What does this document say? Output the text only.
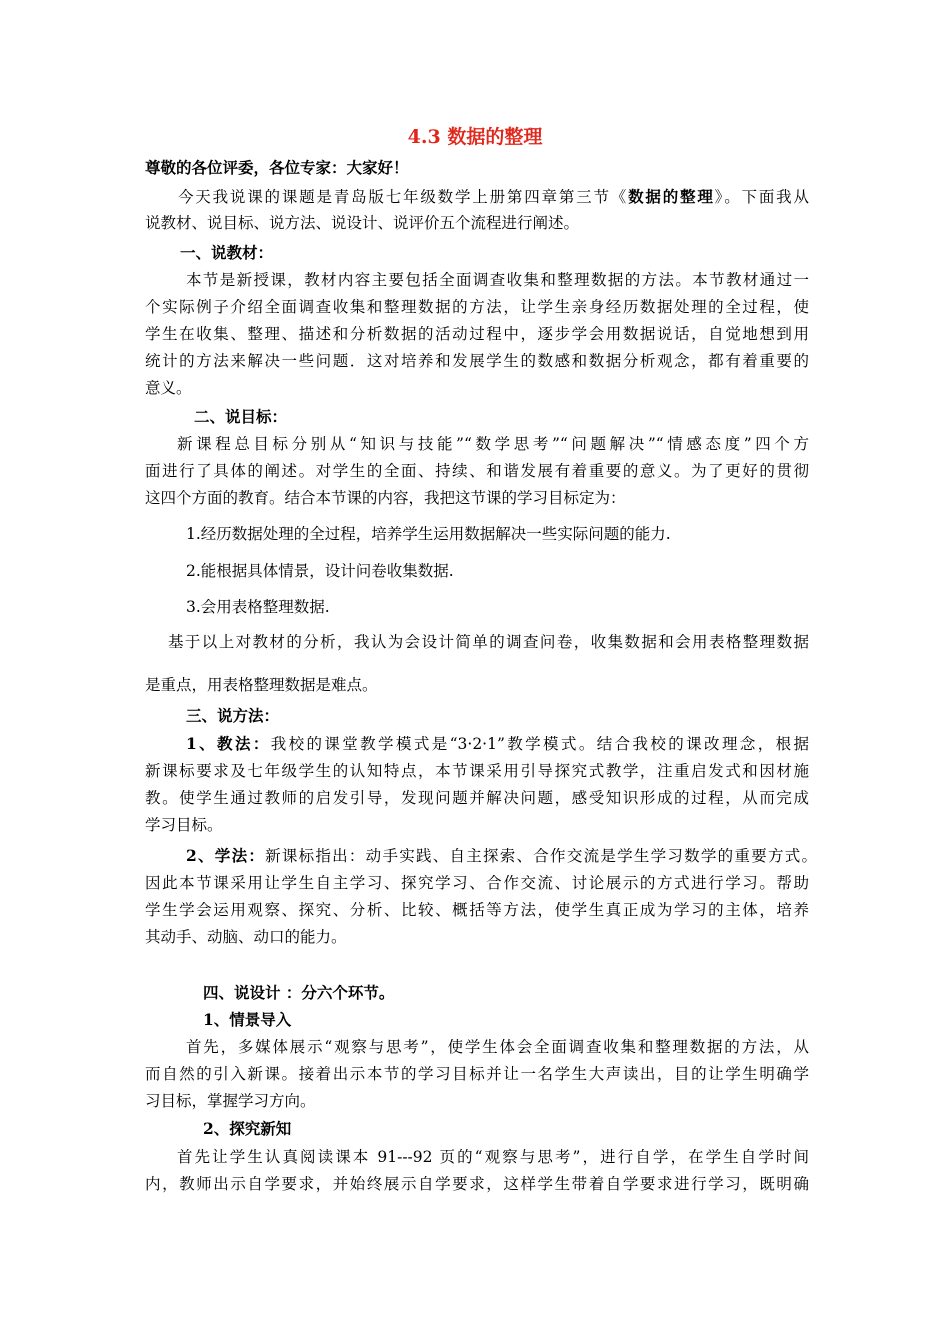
4.3 数据的整理
尊敬的各位评委，各位专家：大家好！
今天我说课的课题是青岛版七年级数学上册第四章第三节《数据的整理》。下面我从
说教材、说目标、说方法、说设计、说评价五个流程进行阐述。
一、说教材：
本节是新授课，教材内容主要包括全面调查收集和整理数据的方法。本节教材通过一
个实际例子介绍全面调查收集和整理数据的方法，让学生亲身经历数据处理的全过程，使
学生在收集、整理、描述和分析数据的活动过程中，逐步学会用数据说话，自觉地想到用
统计的方法来解决一些问题．这对培养和发展学生的数感和数据分析观念，都有着重要的
意义。
二、说目标：
新课程总目标分别从“知识与技能”“数学思考”“问题解决”“情感态度”四个方
面进行了具体的阐述。对学生的全面、持续、和谐发展有着重要的意义。为了更好的贯彻
这四个方面的教育。结合本节课的内容，我把这节课的学习目标定为：
1.经历数据处理的全过程，培养学生运用数据解决一些实际问题的能力.
2.能根据具体情景，设计问卷收集数据.
3.会用表格整理数据.
基于以上对教材的分析，我认为会设计简单的调查问卷，收集数据和会用表格整理数据
是重点，用表格整理数据是难点。
三、说方法：
1、教法：我校的课堂教学模式是“3·2·1”教学模式。结合我校的课改理念，根据
新课标要求及七年级学生的认知特点，本节课采用引导探究式教学，注重启发式和因材施
教。使学生通过教师的启发引导，发现问题并解决问题，感受知识形成的过程，从而完成
学习目标。
2、学法：新课标指出：动手实践、自主探索、合作交流是学生学习数学的重要方式。
因此本节课采用让学生自主学习、探究学习、合作交流、讨论展示的方式进行学习。帮助
学生学会运用观察、探究、分析、比较、概括等方法，使学生真正成为学习的主体，培养
其动手、动脑、动口的能力。
四、说设计 ：分六个环节。
1、情景导入
首先，多媒体展示“观察与思考”，使学生体会全面调查收集和整理数据的方法，从
而自然的引入新课。接着出示本节的学习目标并让一名学生大声读出，目的让学生明确学
习目标，掌握学习方向。
2、探究新知
首先让学生认真阅读课本 91---92 页的“观察与思考”，进行自学，在学生自学时间
内，教师出示自学要求，并始终展示自学要求，这样学生带着自学要求进行学习，既明确
